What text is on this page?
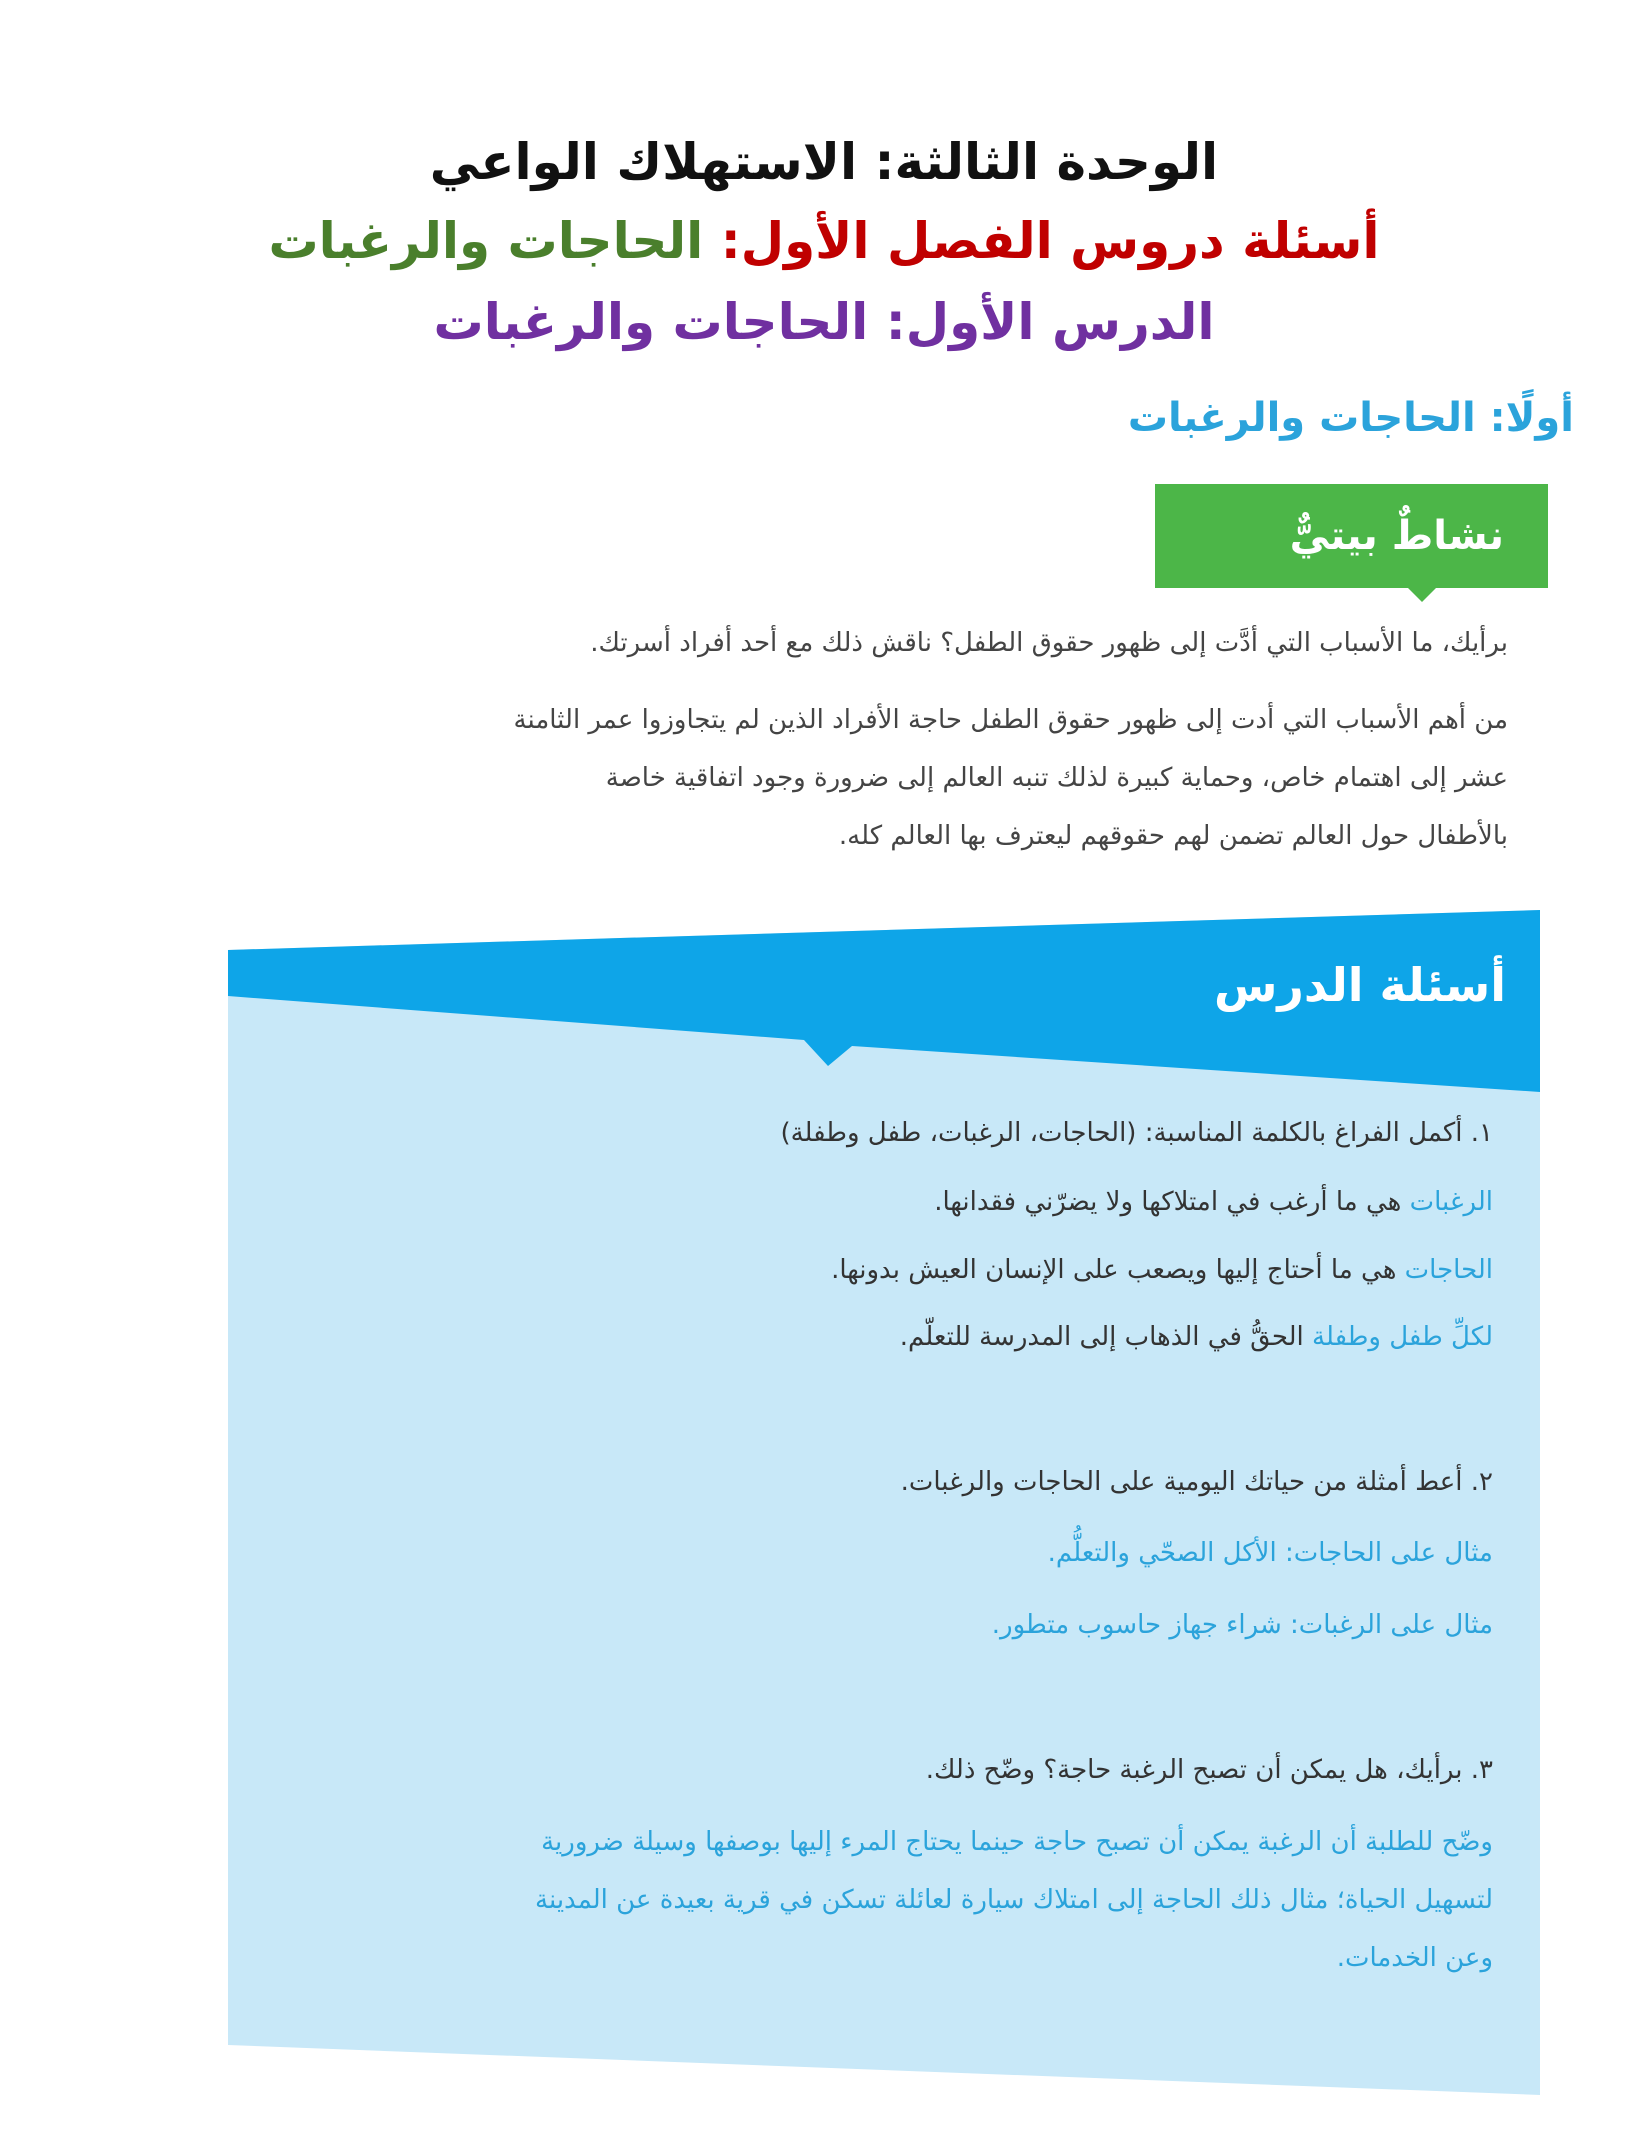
الوحدة الثالثة: الاستهلاك الواعي
أسئلة دروس الفصل الأول: الحاجات والرغبات
الدرس الأول: الحاجات والرغبات
أولًا: الحاجات والرغبات
نشاطٌ بيتيٌّ
برأيك، ما الأسباب التي أدَّت إلى ظهور حقوق الطفل؟ ناقش ذلك مع أحد أفراد أسرتك.
من أهم الأسباب التي أدت إلى ظهور حقوق الطفل حاجة الأفراد الذين لم يتجاوزوا عمر الثامنة
عشر إلى اهتمام خاص، وحماية كبيرة لذلك تنبه العالم إلى ضرورة وجود اتفاقية خاصة
بالأطفال حول العالم تضمن لهم حقوقهم ليعترف بها العالم كله.
أسئلة الدرس
١. أكمل الفراغ بالكلمة المناسبة: (الحاجات، الرغبات، طفل وطفلة)
الرغبات هي ما أرغب في امتلاكها ولا يضرّني فقدانها.
الحاجات هي ما أحتاج إليها ويصعب على الإنسان العيش بدونها.
لكلِّ طفل وطفلة الحقُّ في الذهاب إلى المدرسة للتعلّم.
٢. أعط أمثلة من حياتك اليومية على الحاجات والرغبات.
مثال على الحاجات: الأكل الصحّي والتعلُّم.
مثال على الرغبات: شراء جهاز حاسوب متطور.
٣. برأيك، هل يمكن أن تصبح الرغبة حاجة؟ وضّح ذلك.
وضّح للطلبة أن الرغبة يمكن أن تصبح حاجة حينما يحتاج المرء إليها بوصفها وسيلة ضرورية
لتسهيل الحياة؛ مثال ذلك الحاجة إلى امتلاك سيارة لعائلة تسكن في قرية بعيدة عن المدينة
وعن الخدمات.
